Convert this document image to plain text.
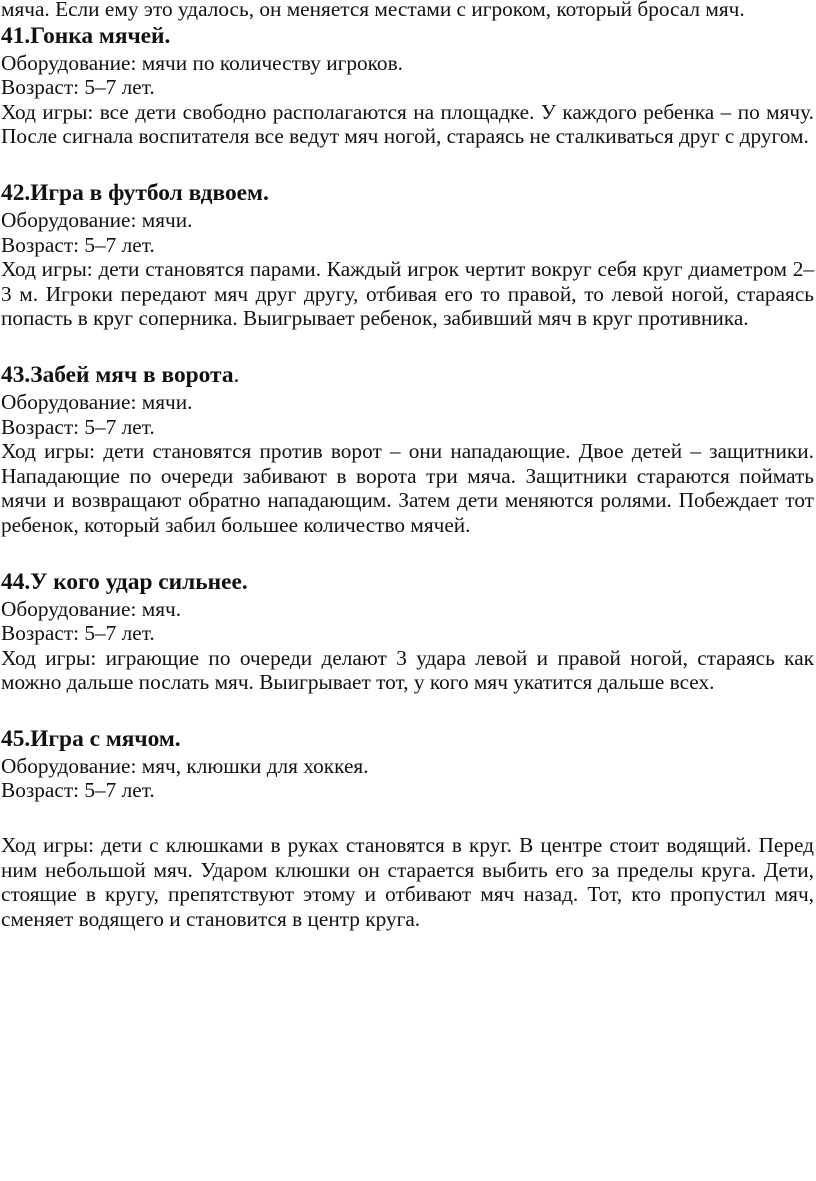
мяча. Если ему это удалось, он меняется местами с игроком, который бросал мяч.

41.Гонка мячей.

Оборудование: мячи по количеству игроков.

Возраст: 5–7 лет.

Ход игры: все дети свободно располагаются на площадке. У каждого ребенка – по мячу. После сигнала воспитателя все ведут мяч ногой, стараясь не сталкиваться друг с другом.

42.Игра в футбол вдвоем.

Оборудование: мячи.

Возраст: 5–7 лет.

Ход игры: дети становятся парами. Каждый игрок чертит вокруг себя круг диаметром 2–3 м. Игроки передают мяч друг другу, отбивая его то правой, то левой ногой, стараясь попасть в круг соперника. Выигрывает ребенок, забивший мяч в круг противника.

43.Забей мяч в ворота.

Оборудование: мячи.

Возраст: 5–7 лет.

Ход игры: дети становятся против ворот – они нападающие. Двое детей – защитники. Нападающие по очереди забивают в ворота три мяча. Защитники стараются поймать мячи и возвращают обратно нападающим. Затем дети меняются ролями. Побеждает тот ребенок, который забил большее количество мячей.

44.У кого удар сильнее.

Оборудование: мяч.

Возраст: 5–7 лет.

Ход игры: играющие по очереди делают 3 удара левой и правой ногой, стараясь как можно дальше послать мяч. Выигрывает тот, у кого мяч укатится дальше всех.

45.Игра с мячом.

Оборудование: мяч, клюшки для хоккея.

Возраст: 5–7 лет.

Ход игры: дети с клюшками в руках становятся в круг. В центре стоит водящий. Перед ним небольшой мяч. Ударом клюшки он старается выбить его за пределы круга. Дети, стоящие в кругу, препятствуют этому и отбивают мяч назад. Тот, кто пропустил мяч, сменяет водящего и становится в центр круга.
